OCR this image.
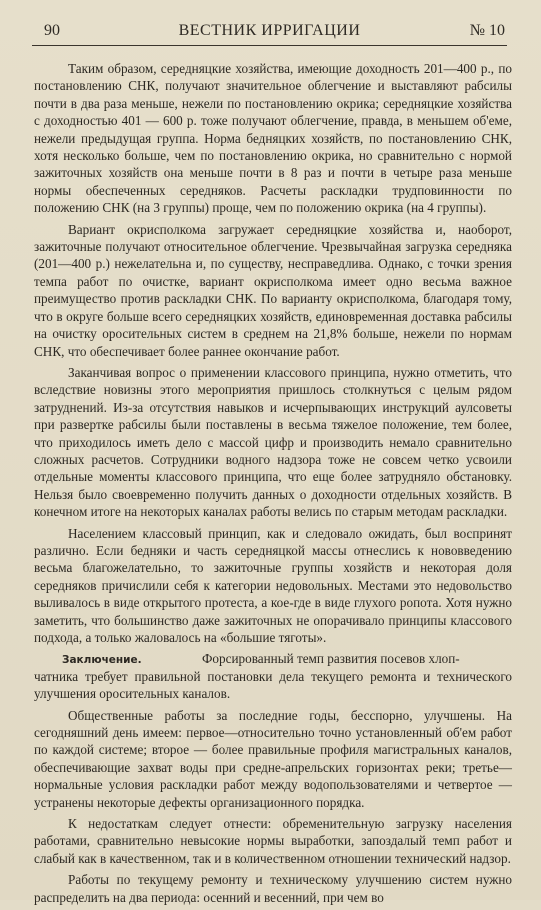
90	ВЕСТНИК ИРРИГАЦИИ	№ 10

Таким образом, середняцкие хозяйства, имеющие доходность 201—400 р., по постановлению СНК, получают значительное облегчение и выставляют рабсилы почти в два раза меньше, нежели по постановлению окрика; середняцкие хозяйства с доходностью 401 — 600 р. тоже получают облегчение, правда, в меньшем об'еме, нежели предыдущая группа. Норма бедняцких хозяйств, по постановлению СНК, хотя несколько больше, чем по постановлению окрика, но сравнительно с нормой зажиточных хозяйств она меньше почти в 8 раз и почти в четыре раза меньше нормы обеспеченных середняков. Расчеты раскладки трудповинности по положению СНК (на 3 группы) проще, чем по положению окрика (на 4 группы).

Вариант окрисполкома загружает середняцкие хозяйства и, наоборот, зажиточные получают относительное облегчение. Чрезвычайная загрузка середняка (201—400 р.) нежелательна и, по существу, несправедлива. Однако, с точки зрения темпа работ по очистке, вариант окрисполкома имеет одно весьма важное преимущество против раскладки СНК. По варианту окрисполкома, благодаря тому, что в округе больше всего середняцких хозяйств, единовременная доставка рабсилы на очистку оросительных систем в среднем на 21,8% больше, нежели по нормам СНК, что обеспечивает более раннее окончание работ.

Заканчивая вопрос о применении классового принципа, нужно отметить, что вследствие новизны этого мероприятия пришлось столкнуться с целым рядом затруднений. Из-за отсутствия навыков и исчерпывающих инструкций аулсоветы при развертке рабсилы были поставлены в весьма тяжелое положение, тем более, что приходилось иметь дело с массой цифр и производить немало сравнительно сложных расчетов. Сотрудники водного надзора тоже не совсем четко усвоили отдельные моменты классового принципа, что еще более затрудняло обстановку. Нельзя было своевременно получить данных о доходности отдельных хозяйств. В конечном итоге на некоторых каналах работы велись по старым методам раскладки.

Населением классовый принцип, как и следовало ожидать, был воспринят различно. Если бедняки и часть середняцкой массы отнеслись к нововведению весьма благожелательно, то зажиточные группы хозяйств и некоторая доля середняков причислили себя к категории недовольных. Местами это недовольство выливалось в виде открытого протеста, а кое-где в виде глухого ропота. Хотя нужно заметить, что большинство даже зажиточных не опорачивало принципы классового подхода, а только жаловалось на «большие тяготы».

Заключение.	Форсированный темп развития посевов хлоп-
чатника требует правильной постановки дела текущего ремонта и технического улучшения оросительных каналов.

Общественные работы за последние годы, бесспорно, улучшены. На сегодняшний день имеем: первое—относительно точно установленный об'ем работ по каждой системе; второе — более правильные профиля магистральных каналов, обеспечивающие захват воды при средне-апрельских горизонтах реки; третье—нормальные условия раскладки работ между водопользователями и четвертое — устранены некоторые дефекты организационного порядка.

К недостаткам следует отнести: обременительную загрузку населения работами, сравнительно невысокие нормы выработки, запоздалый темп работ и слабый как в качественном, так и в количественном отношении технический надзор.

Работы по текущему ремонту и техническому улучшению систем нужно распределить на два периода: осенний и весенний, при чем во
